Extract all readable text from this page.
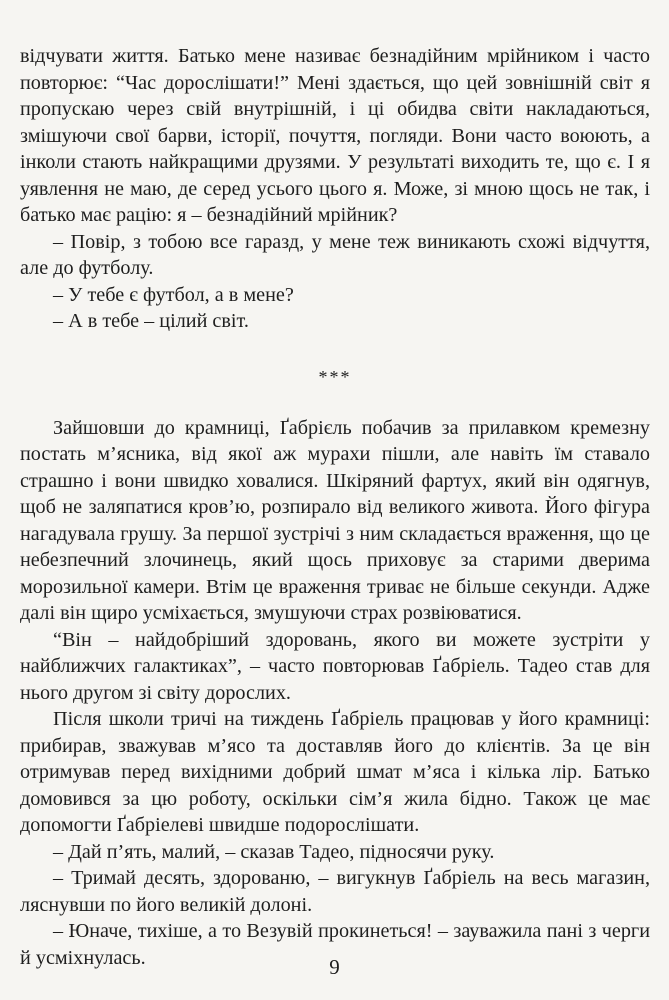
відчувати життя. Батько мене називає безнадійним мрійником і часто повторює: “Час дорослішати!” Мені здається, що цей зовнішній світ я пропускаю через свій внутрішній, і ці обидва світи накладаються, змішуючи свої барви, історії, почуття, погляди. Вони часто воюють, а інколи стають найкращими друзями. У результаті виходить те, що є. І я уявлення не маю, де серед усього цього я. Може, зі мною щось не так, і батько має рацію: я – безнадійний мрійник?

– Повір, з тобою все гаразд, у мене теж виникають схожі відчуття, але до футболу.

– У тебе є футбол, а в мене?

– А в тебе – цілий світ.

***

Зайшовши до крамниці, Ґабрієль побачив за прилавком кремезну постать м’ясника, від якої аж мурахи пішли, але навіть їм ставало страшно і вони швидко ховалися. Шкіряний фартух, який він одягнув, щоб не заляпатися кров’ю, розпирало від великого живота. Його фігура нагадувала грушу. За першої зустрічі з ним складається враження, що це небезпечний злочинець, який щось приховує за старими дверима морозильної камери. Втім це враження триває не більше секунди. Адже далі він щиро усміхається, змушуючи страх розвіюватися.

“Він – найдобріший здоровань, якого ви можете зустріти у найближчих галактиках”, – часто повторював Ґабріель. Тадео став для нього другом зі світу дорослих.

Після школи тричі на тиждень Ґабріель працював у його крамниці: прибирав, зважував м’ясо та доставляв його до клієнтів. За це він отримував перед вихідними добрий шмат м’яса і кілька лір. Батько домовився за цю роботу, оскільки сім’я жила бідно. Також це має допомогти Ґабріелеві швидше подорослішати.

– Дай п’ять, малий, – сказав Тадео, підносячи руку.

– Тримай десять, здорованю, – вигукнув Ґабріель на весь магазин, ляснувши по його великій долоні.

– Юначе, тихіше, а то Везувій прокинеться! – зауважила пані з черги й усміхнулась.	9
